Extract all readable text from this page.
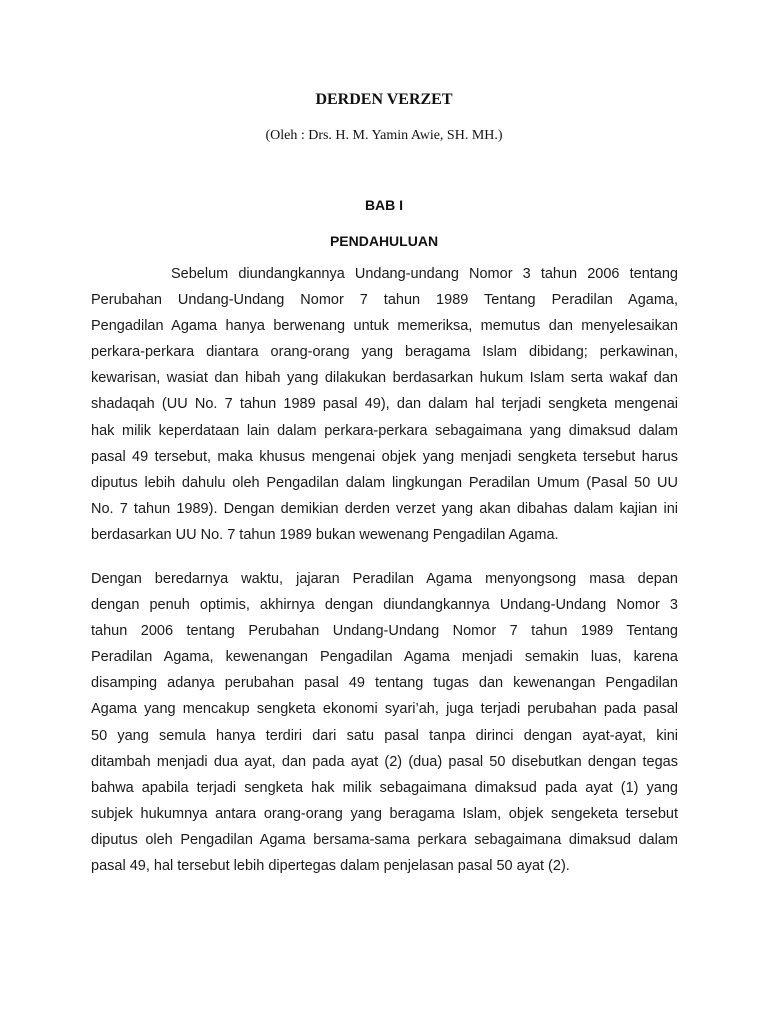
DERDEN VERZET

(Oleh : Drs. H. M. Yamin Awie, SH. MH.)

BAB I
PENDAHULUAN
Sebelum diundangkannya Undang-undang Nomor 3 tahun 2006 tentang
Perubahan Undang-Undang Nomor 7 tahun 1989 Tentang Peradilan Agama,
Pengadilan Agama hanya berwenang untuk memeriksa, memutus dan menyelesaikan
perkara-perkara diantara orang-orang yang beragama Islam dibidang; perkawinan,
kewarisan, wasiat dan hibah yang dilakukan berdasarkan hukum Islam serta wakaf dan
shadaqah (UU No. 7 tahun 1989 pasal 49), dan dalam hal terjadi sengketa mengenai
hak milik keperdataan lain dalam perkara-perkara sebagaimana yang dimaksud dalam
pasal 49 tersebut, maka khusus mengenai objek yang menjadi sengketa tersebut harus
diputus lebih dahulu oleh Pengadilan dalam lingkungan Peradilan Umum (Pasal 50 UU
No. 7 tahun 1989). Dengan demikian derden verzet yang akan dibahas dalam kajian ini
berdasarkan UU No. 7 tahun 1989 bukan wewenang Pengadilan Agama.
Dengan beredarnya waktu, jajaran Peradilan Agama menyongsong masa depan
dengan penuh optimis, akhirnya dengan diundangkannya Undang-Undang Nomor 3
tahun 2006 tentang Perubahan Undang-Undang Nomor 7 tahun 1989 Tentang
Peradilan Agama, kewenangan Pengadilan Agama menjadi semakin luas, karena
disamping adanya perubahan pasal 49 tentang tugas dan kewenangan Pengadilan
Agama yang mencakup sengketa ekonomi syari’ah, juga terjadi perubahan pada pasal
50 yang semula hanya terdiri dari satu pasal tanpa dirinci dengan ayat-ayat, kini
ditambah menjadi dua ayat, dan pada ayat (2) (dua) pasal 50 disebutkan dengan tegas
bahwa apabila terjadi sengketa hak milik sebagaimana dimaksud pada ayat (1) yang
subjek hukumnya antara orang-orang yang beragama Islam, objek sengeketa tersebut
diputus oleh Pengadilan Agama bersama-sama perkara sebagaimana dimaksud dalam
pasal 49, hal tersebut lebih dipertegas dalam penjelasan pasal 50 ayat (2).
